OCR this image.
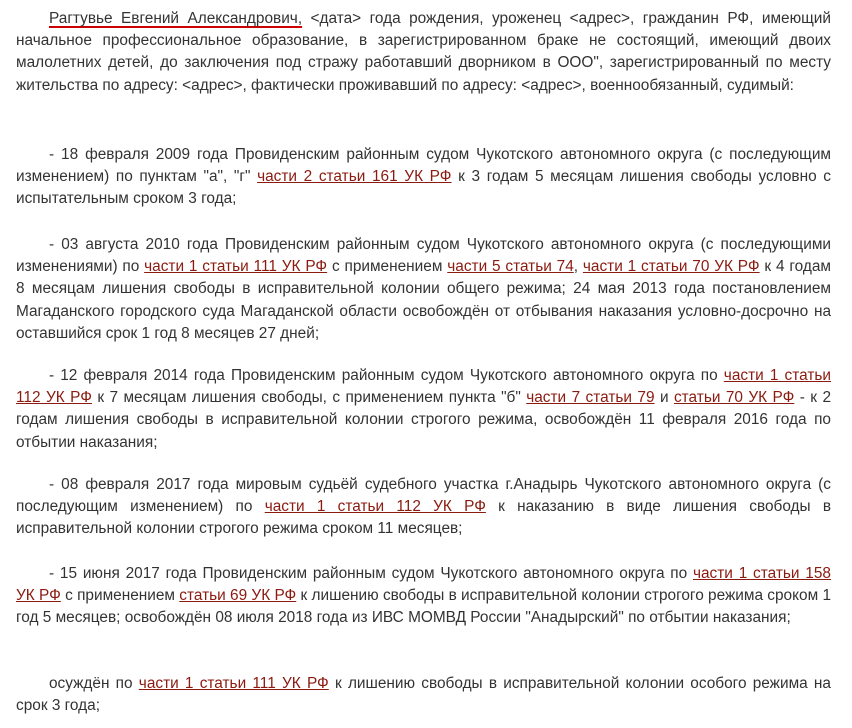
Рагтувье Евгений Александрович, <дата> года рождения, уроженец <адрес>, гражданин РФ, имеющий начальное профессиональное образование, в зарегистрированном браке не состоящий, имеющий двоих малолетних детей, до заключения под стражу работавший дворником в ООО", зарегистрированный по месту жительства по адресу: <адрес>, фактически проживавший по адресу: <адрес>, военнообязанный, судимый:

- 18 февраля 2009 года Провиденским районным судом Чукотского автономного округа (с последующим изменением) по пунктам "а", "г" части 2 статьи 161 УК РФ к 3 годам 5 месяцам лишения свободы условно с испытательным сроком 3 года;

- 03 августа 2010 года Провиденским районным судом Чукотского автономного округа (с последующими изменениями) по части 1 статьи 111 УК РФ с применением части 5 статьи 74, части 1 статьи 70 УК РФ к 4 годам 8 месяцам лишения свободы в исправительной колонии общего режима; 24 мая 2013 года постановлением Магаданского городского суда Магаданской области освобождён от отбывания наказания условно-досрочно на оставшийся срок 1 год 8 месяцев 27 дней;

- 12 февраля 2014 года Провиденским районным судом Чукотского автономного округа по части 1 статьи 112 УК РФ к 7 месяцам лишения свободы, с применением пункта "б" части 7 статьи 79 и статьи 70 УК РФ - к 2 годам лишения свободы в исправительной колонии строгого режима, освобождён 11 февраля 2016 года по отбытии наказания;

- 08 февраля 2017 года мировым судьёй судебного участка г.Анадырь Чукотского автономного округа (с последующим изменением) по части 1 статьи 112 УК РФ к наказанию в виде лишения свободы в исправительной колонии строгого режима сроком 11 месяцев;

- 15 июня 2017 года Провиденским районным судом Чукотского автономного округа по части 1 статьи 158 УК РФ с применением статьи 69 УК РФ к лишению свободы в исправительной колонии строгого режима сроком 1 год 5 месяцев; освобождён 08 июля 2018 года из ИВС МОМВД России "Анадырский" по отбытии наказания;

осуждён по части 1 статьи 111 УК РФ к лишению свободы в исправительной колонии особого режима на срок 3 года;
